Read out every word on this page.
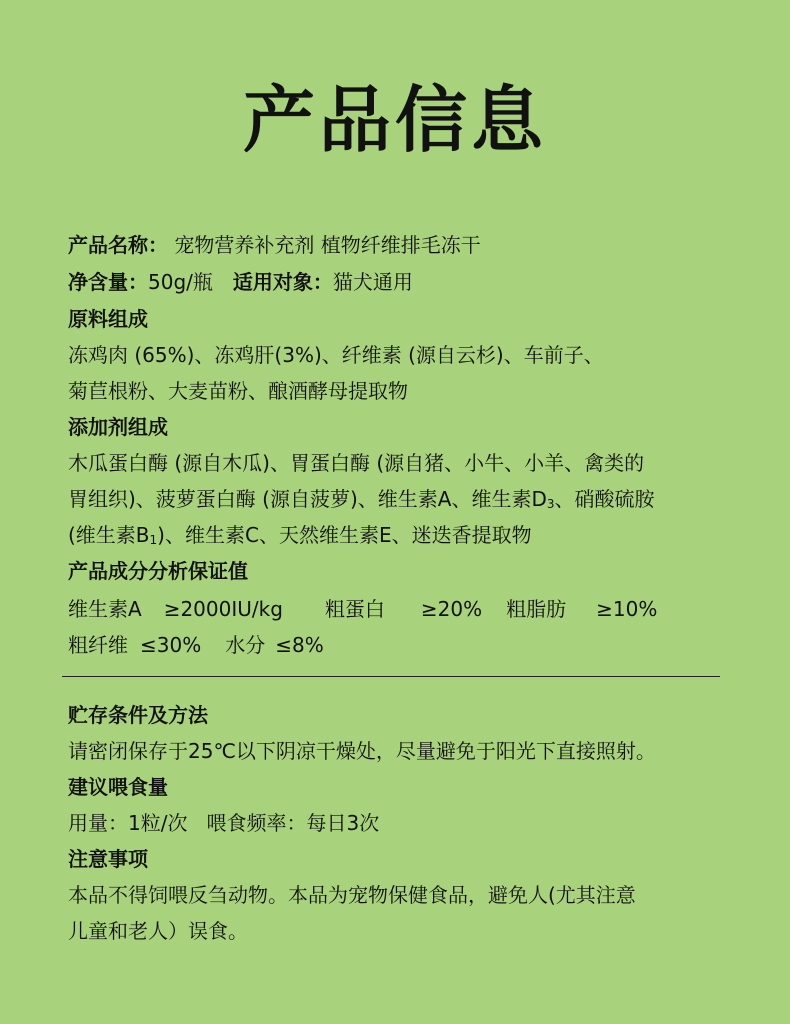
产品信息
产品名称： 宠物营养补充剂 植物纤维排毛冻干
净含量：50g/瓶 适用对象：猫犬通用
原料组成
冻鸡肉 (65%)、冻鸡肝(3%)、纤维素 (源自云杉)、车前子、
菊苣根粉、大麦苗粉、酿酒酵母提取物
添加剂组成
木瓜蛋白酶 (源自木瓜)、胃蛋白酶 (源自猪、小牛、小羊、禽类的
胃组织)、菠萝蛋白酶 (源自菠萝)、维生素A、维生素$D_3$、硝酸硫胺
(维生素$B_1$)、维生素C、天然维生素E、迷迭香提取物
产品成分分析保证值
维生素A ≥2000IU/kg 粗蛋白 ≥20% 粗脂肪 ≥10%
粗纤维 ≤30% 水分 ≤8%
贮存条件及方法
请密闭保存于25℃以下阴凉干燥处，尽量避免于阳光下直接照射。
建议喂食量
用量：1粒/次   喂食频率：每日3次
注意事项
本品不得饲喂反刍动物。本品为宠物保健食品，避免人(尤其注意
儿童和老人）误食。
